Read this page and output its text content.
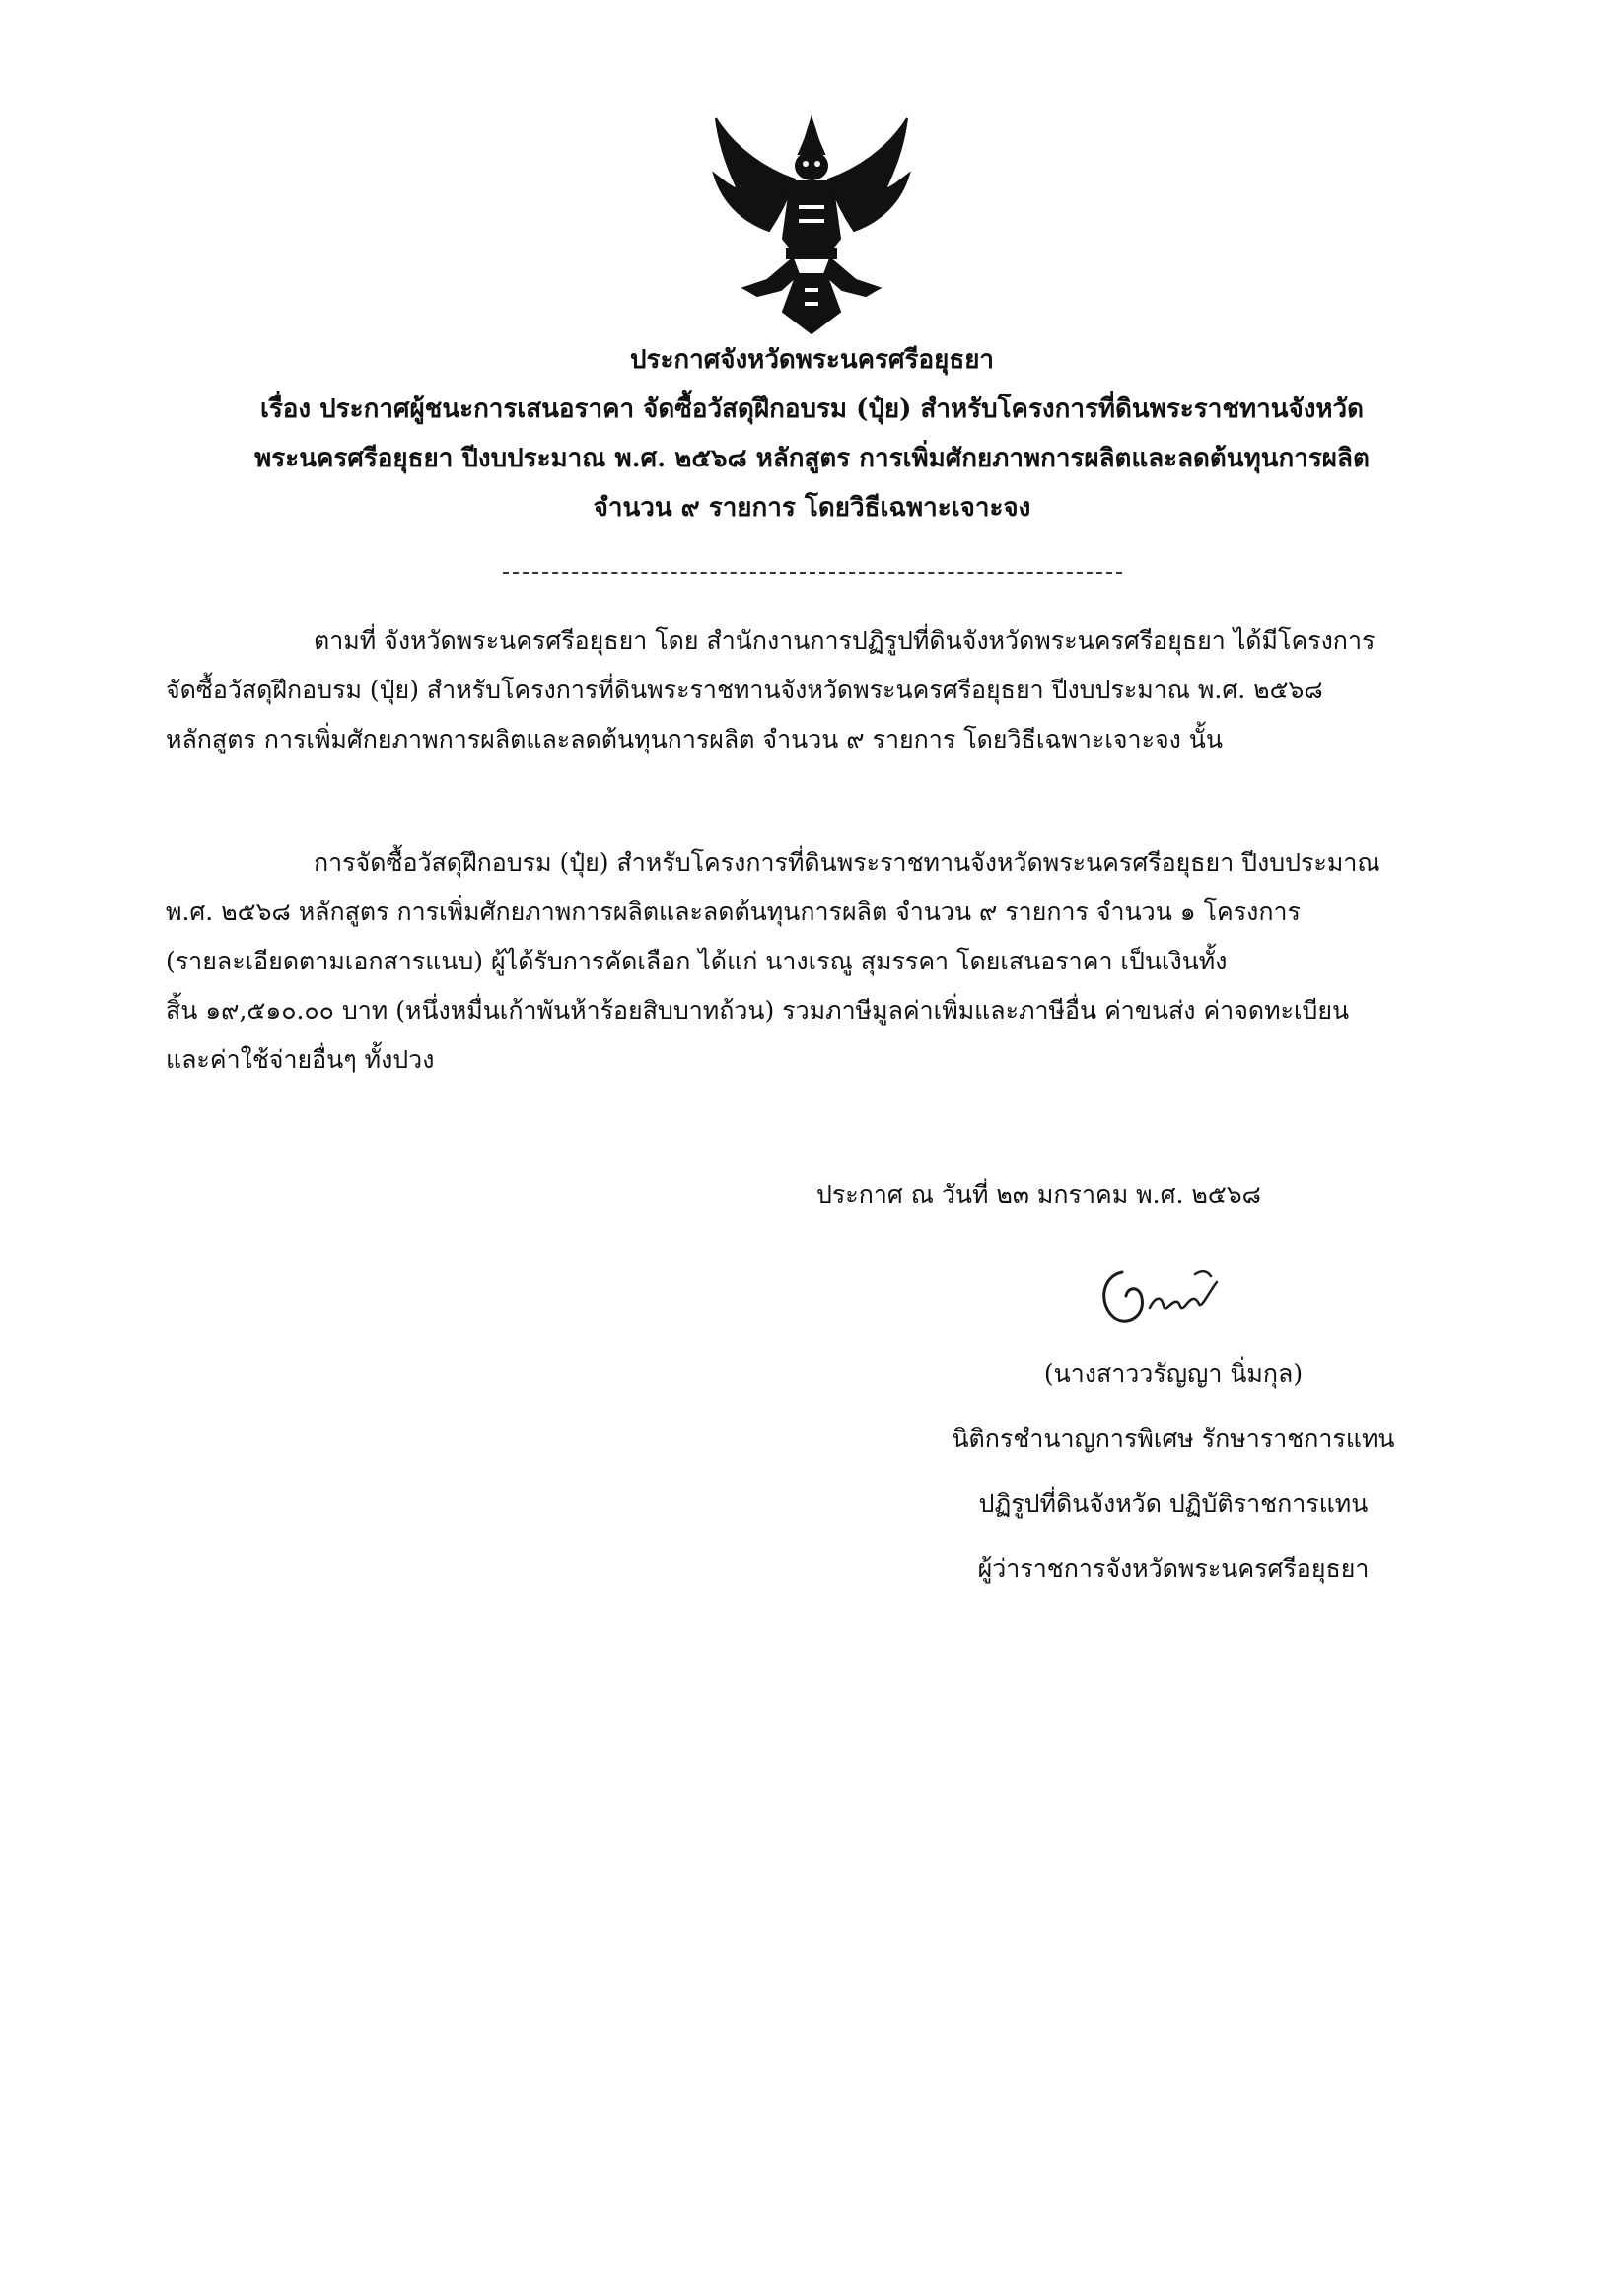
ประกาศจังหวัดพระนครศรีอยุธยา
เรื่อง ประกาศผู้ชนะการเสนอราคา จัดซื้อวัสดุฝึกอบรม (ปุ๋ย) สำหรับโครงการที่ดินพระราชทานจังหวัด
พระนครศรีอยุธยา ปีงบประมาณ พ.ศ. ๒๕๖๘ หลักสูตร การเพิ่มศักยภาพการผลิตและลดต้นทุนการผลิต
จำนวน ๙ รายการ โดยวิธีเฉพาะเจาะจง
ตามที่ จังหวัดพระนครศรีอยุธยา โดย สำนักงานการปฏิรูปที่ดินจังหวัดพระนครศรีอยุธยา ได้มีโครงการ
จัดซื้อวัสดุฝึกอบรม (ปุ๋ย) สำหรับโครงการที่ดินพระราชทานจังหวัดพระนครศรีอยุธยา ปีงบประมาณ พ.ศ. ๒๕๖๘
หลักสูตร การเพิ่มศักยภาพการผลิตและลดต้นทุนการผลิต จำนวน ๙ รายการ โดยวิธีเฉพาะเจาะจง นั้น
การจัดซื้อวัสดุฝึกอบรม (ปุ๋ย) สำหรับโครงการที่ดินพระราชทานจังหวัดพระนครศรีอยุธยา ปีงบประมาณ
พ.ศ. ๒๕๖๘ หลักสูตร การเพิ่มศักยภาพการผลิตและลดต้นทุนการผลิต จำนวน ๙ รายการ จำนวน ๑ โครงการ
(รายละเอียดตามเอกสารแนบ) ผู้ได้รับการคัดเลือก ได้แก่ นางเรณู สุมรรคา โดยเสนอราคา เป็นเงินทั้ง
สิ้น ๑๙,๕๑๐.๐๐ บาท (หนึ่งหมื่นเก้าพันห้าร้อยสิบบาทถ้วน) รวมภาษีมูลค่าเพิ่มและภาษีอื่น ค่าขนส่ง ค่าจดทะเบียน
และค่าใช้จ่ายอื่นๆ ทั้งปวง
ประกาศ ณ วันที่ ๒๓ มกราคม พ.ศ. ๒๕๖๘
(นางสาววรัญญา นิ่มกุล)
นิติกรชำนาญการพิเศษ รักษาราชการแทน
ปฏิรูปที่ดินจังหวัด ปฏิบัติราชการแทน
ผู้ว่าราชการจังหวัดพระนครศรีอยุธยา
